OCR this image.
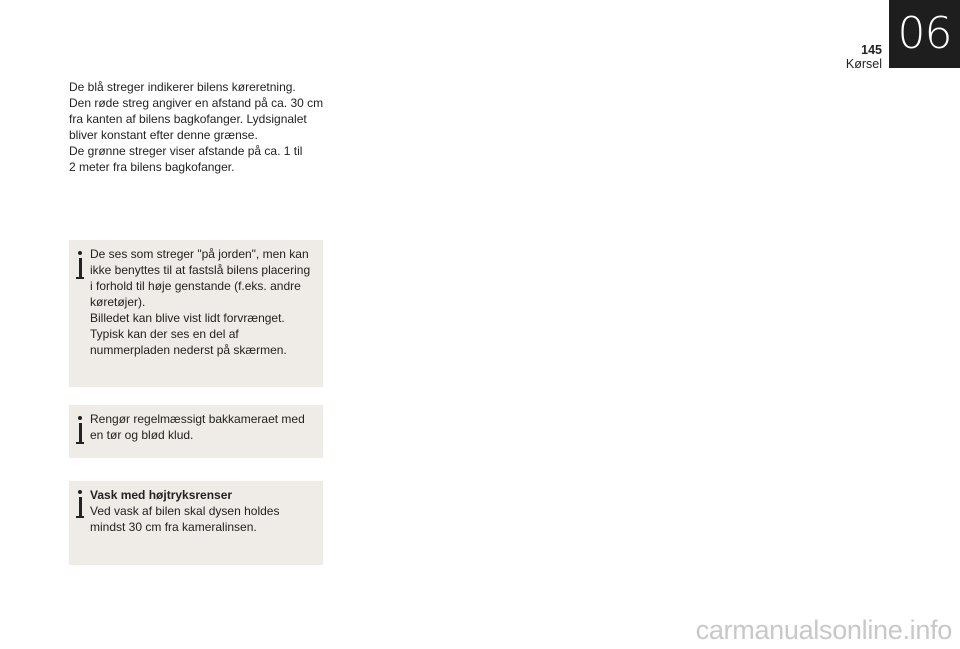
06
145
Kørsel

De blå streger indikerer bilens køreretning.

Den røde streg angiver en afstand på ca. 30 cm

fra kanten af bilens bagkofanger. Lydsignalet

bliver konstant efter denne grænse.

De grønne streger viser afstande på ca. 1 til

2 meter fra bilens bagkofanger.

De ses som streger "på jorden", men kan

ikke benyttes til at fastslå bilens placering

i forhold til høje genstande (f.eks. andre

køretøjer).

Billedet kan blive vist lidt forvrænget.

Typisk kan der ses en del af

nummerpladen nederst på skærmen.

Rengør regelmæssigt bakkameraet med

en tør og blød klud.

Vask med højtryksrenser

Ved vask af bilen skal dysen holdes

mindst 30 cm fra kameralinsen.

carmanualsonline.info
